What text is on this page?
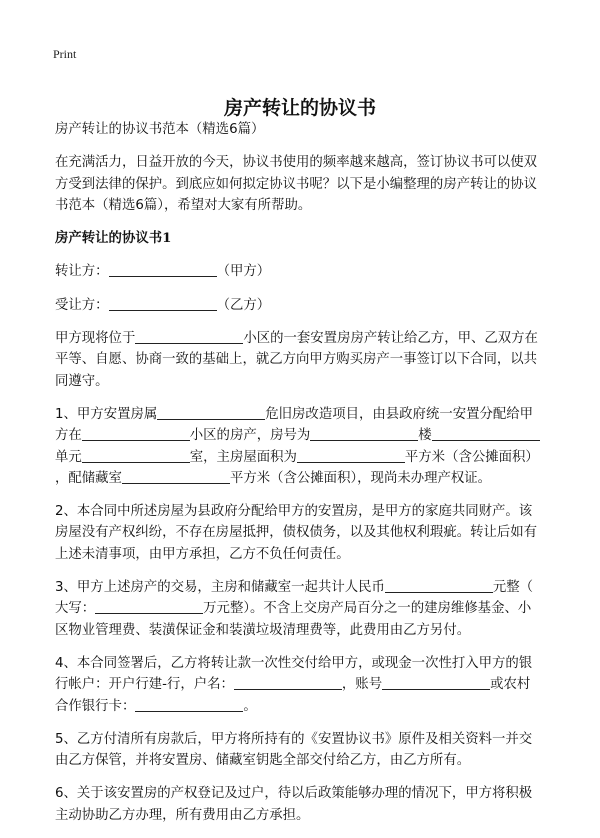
Print
房产转让的协议书
房产转让的协议书范本（精选6篇）
在充满活力，日益开放的今天，协议书使用的频率越来越高，签订协议书可以使双
方受到法律的保护。到底应如何拟定协议书呢？以下是小编整理的房产转让的协议
书范本（精选6篇），希望对大家有所帮助。
房产转让的协议书1
转让方：	（甲方）
受让方：	（乙方）
甲方现将位于	小区的一套安置房房产转让给乙方，甲、乙双方在
平等、自愿、协商一致的基础上，就乙方向甲方购买房产一事签订以下合同，以共
同遵守。
1、甲方安置房属	危旧房改造项目，由县政府统一安置分配给甲
方在	小区的房产，房号为	楼
单元	室，主房屋面积为	平方米（含公摊面积）
，配储藏室	平方米（含公摊面积），现尚未办理产权证。
2、本合同中所述房屋为县政府分配给甲方的安置房，是甲方的家庭共同财产。该
房屋没有产权纠纷，不存在房屋抵押，债权债务，以及其他权利瑕疵。转让后如有
上述未清事项，由甲方承担，乙方不负任何责任。
3、甲方上述房产的交易，主房和储藏室一起共计人民币	元整（
大写：	万元整）。不含上交房产局百分之一的建房维修基金、小
区物业管理费、装潢保证金和装潢垃圾清理费等，此费用由乙方另付。
4、本合同签署后，乙方将转让款一次性交付给甲方，或现金一次性打入甲方的银
行帐户：开户行建-行，户名：	，账号	或农村
合作银行卡：	。
5、乙方付清所有房款后，甲方将所持有的《安置协议书》原件及相关资料一并交
由乙方保管，并将安置房、储藏室钥匙全部交付给乙方，由乙方所有。
6、关于该安置房的产权登记及过户，待以后政策能够办理的情况下，甲方将积极
主动协助乙方办理，所有费用由乙方承担。
